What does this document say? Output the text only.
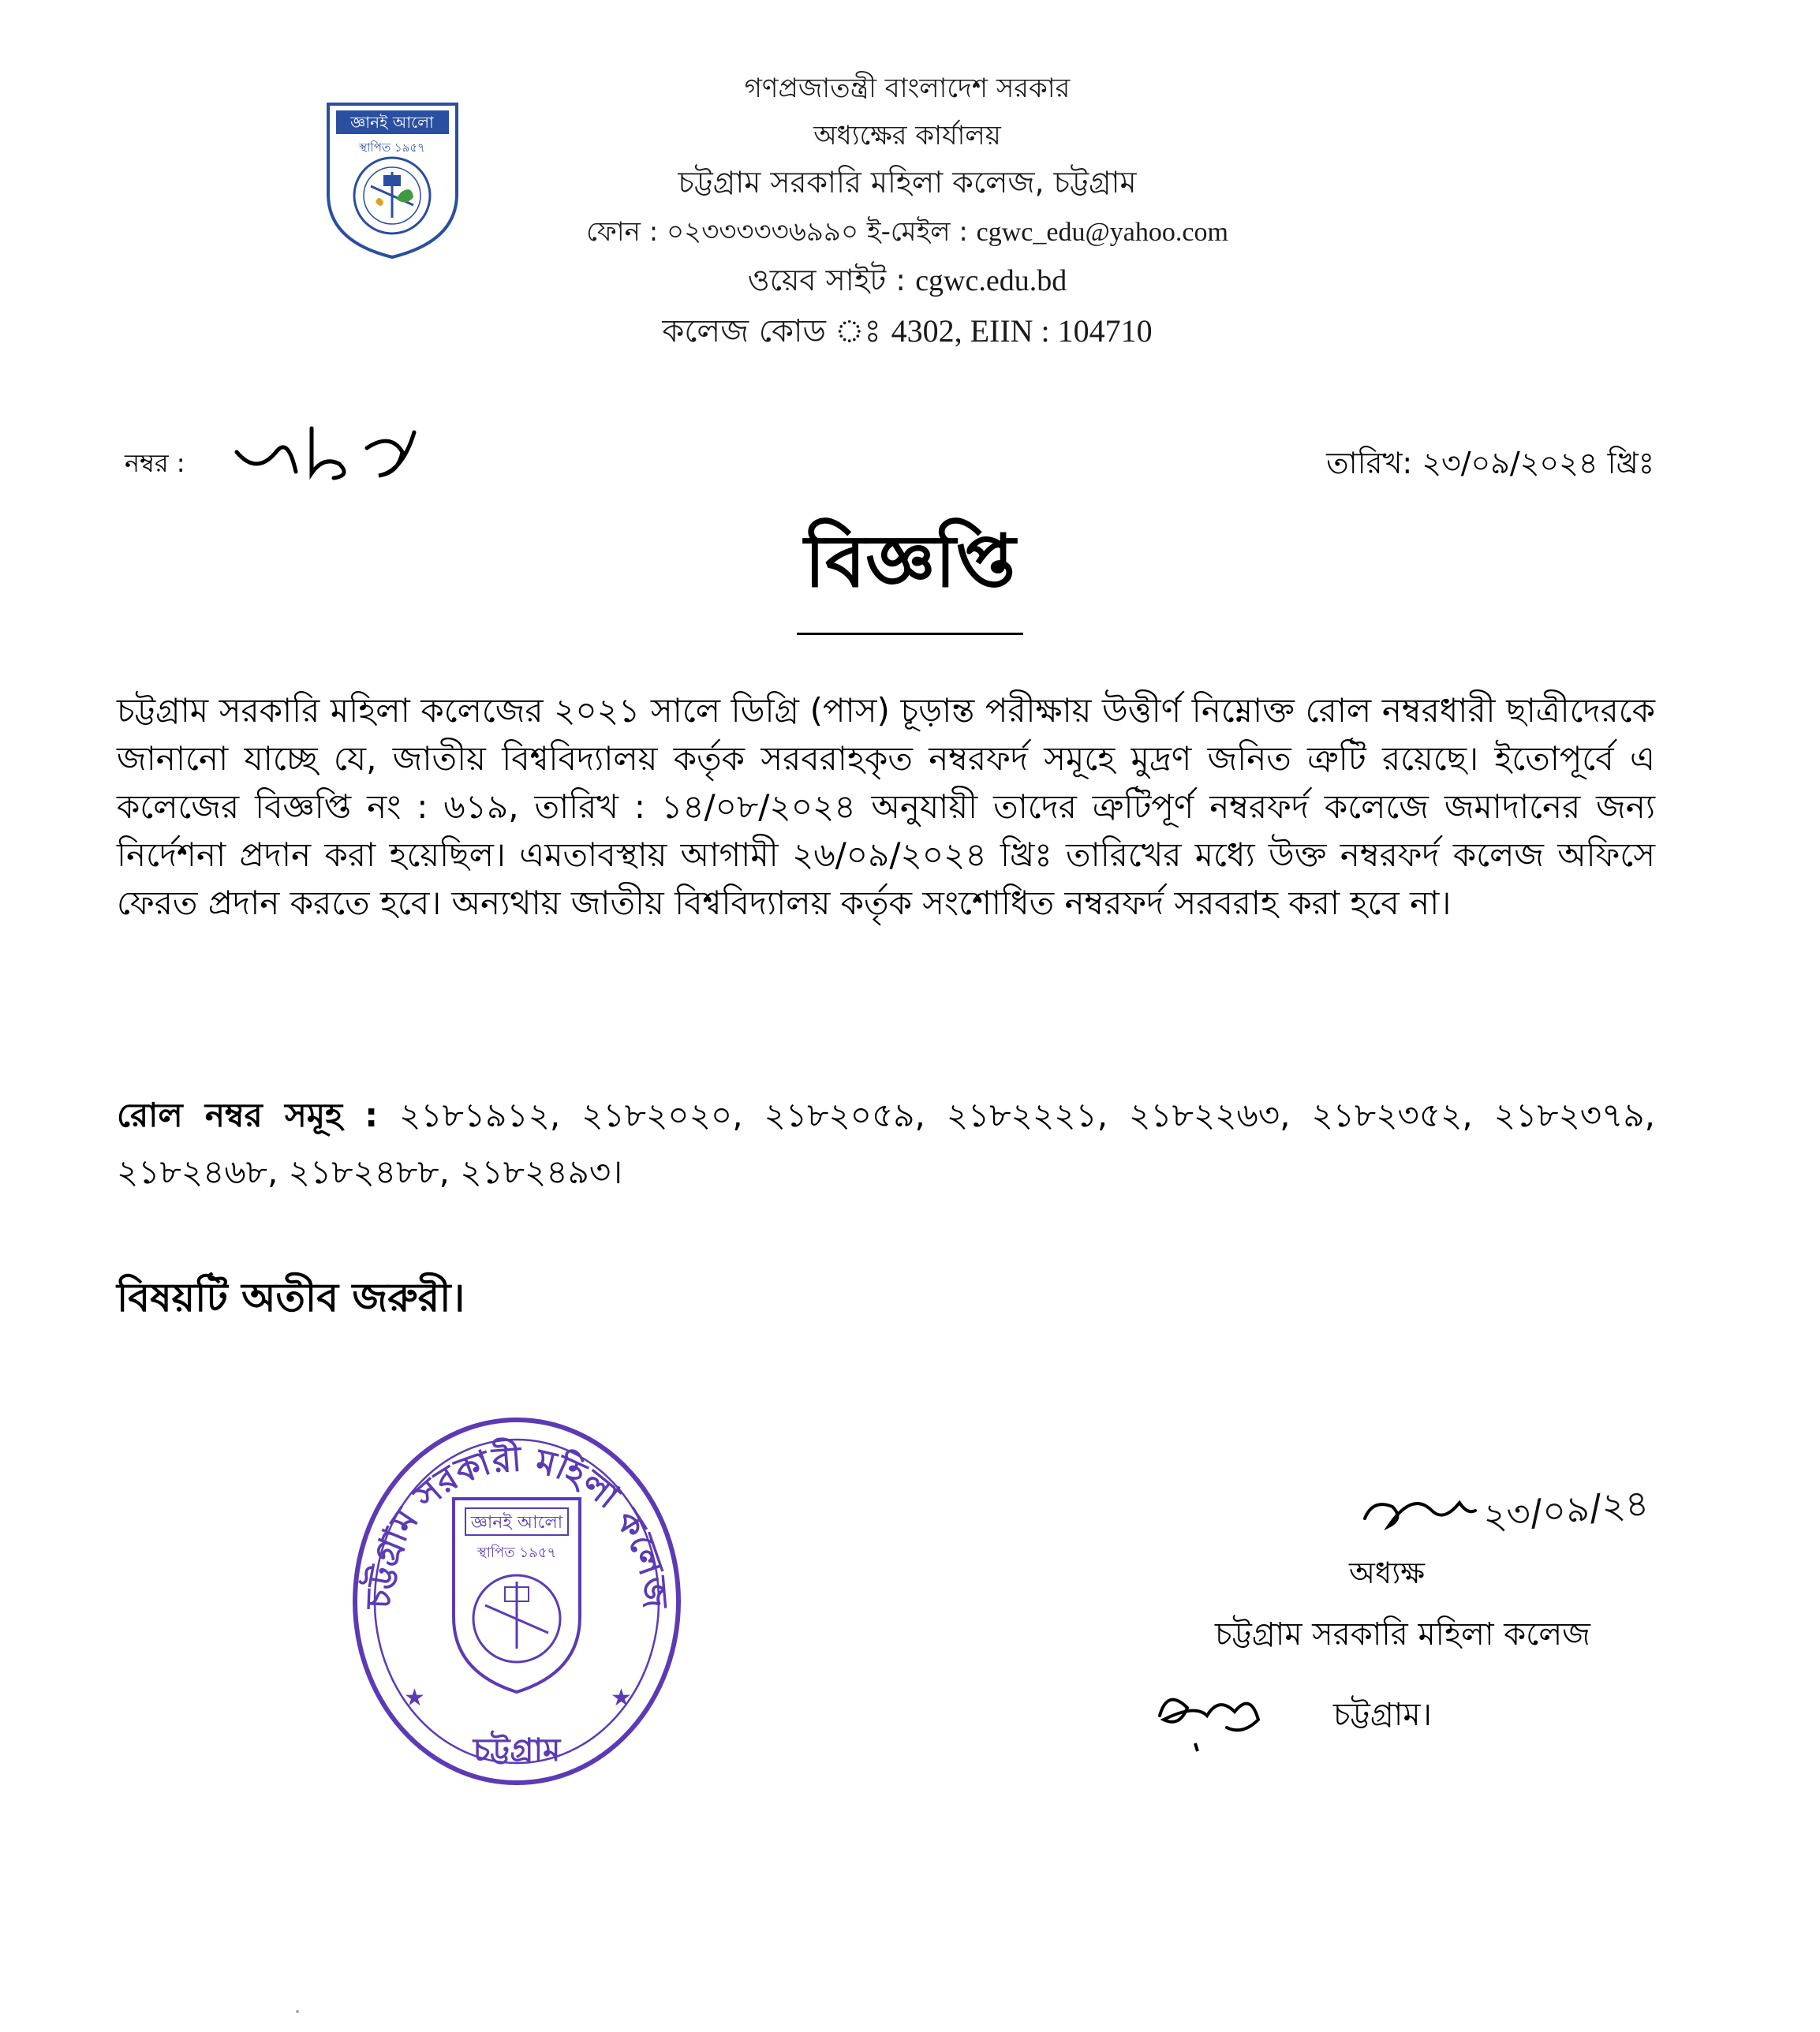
জ্ঞানই আলো
স্থাপিত ১৯৫৭
গণপ্রজাতন্ত্রী বাংলাদেশ সরকার
অধ্যক্ষের কার্যালয়
চট্টগ্রাম সরকারি মহিলা কলেজ, চট্টগ্রাম
ফোন : ০২৩৩৩৩৩৬৯৯০ ই-মেইল : cgwc_edu@yahoo.com
ওয়েব সাইট : cgwc.edu.bd
কলেজ কোড ঃ 4302, EIIN : 104710
নম্বর :	তারিখ: ২৩/০৯/২০২৪ খ্রিঃ
বিজ্ঞপ্তি
চট্টগ্রাম সরকারি মহিলা কলেজের ২০২১ সালে ডিগ্রি (পাস) চূড়ান্ত পরীক্ষায় উত্তীর্ণ নিম্নোক্ত রোল নম্বরধারী ছাত্রীদেরকে জানানো যাচ্ছে যে, জাতীয় বিশ্ববিদ্যালয় কর্তৃক সরবরাহকৃত নম্বরফর্দ সমূহে মুদ্রণ জনিত ত্রুটি রয়েছে। ইতোপূর্বে এ কলেজের বিজ্ঞপ্তি নং : ৬১৯, তারিখ : ১৪/০৮/২০২৪ অনুযায়ী তাদের ত্রুটিপূর্ণ নম্বরফর্দ কলেজে জমাদানের জন্য নির্দেশনা প্রদান করা হয়েছিল। এমতাবস্থায় আগামী ২৬/০৯/২০২৪ খ্রিঃ তারিখের মধ্যে উক্ত নম্বরফর্দ কলেজ অফিসে ফেরত প্রদান করতে হবে। অন্যথায় জাতীয় বিশ্ববিদ্যালয় কর্তৃক সংশোধিত নম্বরফর্দ সরবরাহ করা হবে না।
রোল নম্বর সমূহ : ২১৮১৯১২, ২১৮২০২০, ২১৮২০৫৯, ২১৮২২২১, ২১৮২২৬৩, ২১৮২৩৫২, ২১৮২৩৭৯, ২১৮২৪৬৮, ২১৮২৪৮৮, ২১৮২৪৯৩।
বিষয়টি অতীব জরুরী।
চট্টগ্রাম সরকারী মহিলা কলেজ
চট্টগ্রাম
★	★
জ্ঞানই আলো
স্থাপিত ১৯৫৭
২৩/০৯/২৪
অধ্যক্ষ
চট্টগ্রাম সরকারি মহিলা কলেজ
চট্টগ্রাম।
